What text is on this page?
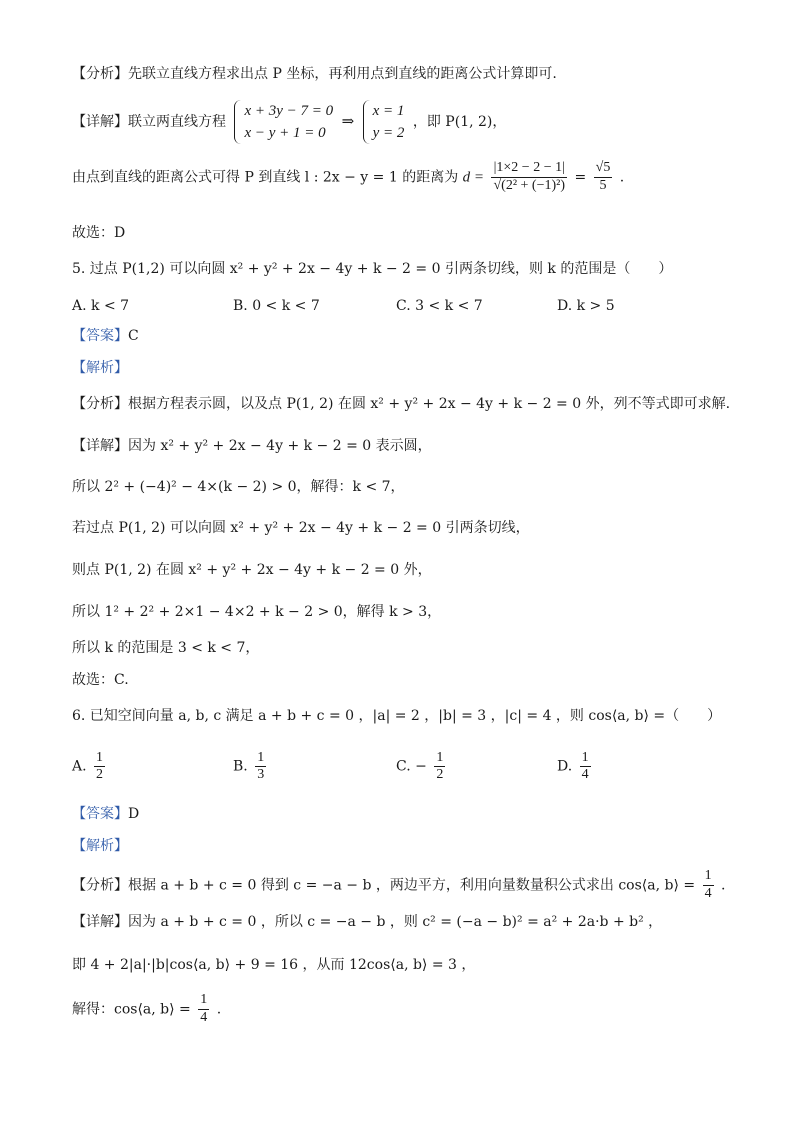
【分析】先联立直线方程求出点 P 坐标，再利用点到直线的距离公式计算即可.
【详解】联立两直线方程
x + 3y − 7 = 0
x − y + 1 = 0
⇒
x = 1
y = 2
，即 P(1, 2)，
由点到直线的距离公式可得 P 到直线 l : 2x − y = 1 的距离为 $d = \frac{|1\times 2 - 2 - 1|}{\text{√(2² + (−1)²)}} = \frac{√5}{5}$ .
故选：D
5. 过点 P(1,2) 可以向圆 x² + y² + 2x − 4y + k − 2 = 0 引两条切线，则 k 的范围是（　　）
A. k < 7	B. 0 < k < 7	C. 3 < k < 7	D. k > 5
【答案】C
【解析】
【分析】根据方程表示圆，以及点 P(1, 2) 在圆 x² + y² + 2x − 4y + k − 2 = 0 外，列不等式即可求解.
【详解】因为 x² + y² + 2x − 4y + k − 2 = 0 表示圆，
所以 2² + (−4)² − 4×(k − 2) > 0，解得：k < 7，
若过点 P(1, 2) 可以向圆 x² + y² + 2x − 4y + k − 2 = 0 引两条切线，
则点 P(1, 2) 在圆 x² + y² + 2x − 4y + k − 2 = 0 外，
所以 1² + 2² + 2×1 − 4×2 + k − 2 > 0，解得 k > 3，
所以 k 的范围是 3 < k < 7，
故选：C.
6. 已知空间向量 a, b, c 满足 a + b + c = 0 ，|a| = 2 ，|b| = 3 ，|c| = 4 ，则 cos⟨a, b⟩ =（　　）
A. $\frac{1}{2}$	B. $\frac{1}{3}$	C. − $\frac{1}{2}$	D. $\frac{1}{4}$
【答案】D
【解析】
【分析】根据 a + b + c = 0 得到 c = −a − b ，两边平方，利用向量数量积公式求出 cos⟨a, b⟩ = $\frac{1}{4}$ .
【详解】因为 a + b + c = 0 ，所以 c = −a − b ，则 c² = (−a − b)² = a² + 2a·b + b² ，
即 4 + 2|a|·|b|cos⟨a, b⟩ + 9 = 16 ，从而 12cos⟨a, b⟩ = 3 ，
解得：cos⟨a, b⟩ = $\frac{1}{4}$ .
